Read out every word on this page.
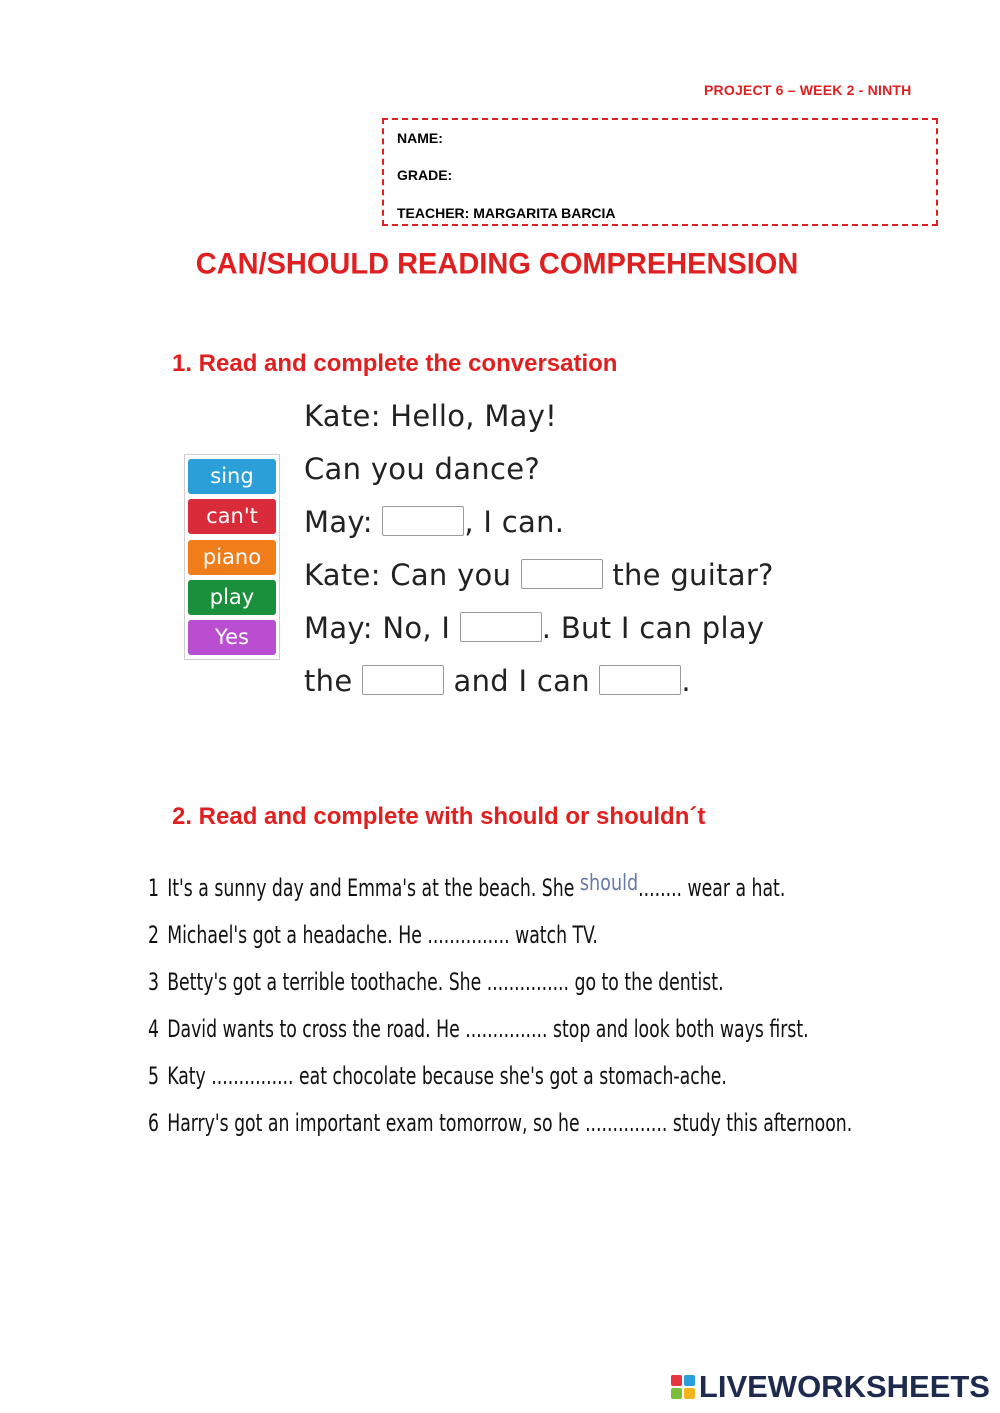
PROJECT 6 – WEEK 2 - NINTH
NAME:
GRADE:
TEACHER: MARGARITA BARCIA
CAN/SHOULD READING COMPREHENSION
1. Read and complete the conversation
sing
can't
piano
play
Yes
Kate: Hello, May!
Can you dance?
May:	, I can.
Kate: Can you	the guitar?
May: No, I	. But I can play
the	and I can	.
2. Read and complete with should or shouldn´t
1 It's a sunny day and Emma's at the beach. She should........ wear a hat.
2 Michael's got a headache. He ............... watch TV.
3 Betty's got a terrible toothache. She ............... go to the dentist.
4 David wants to cross the road. He ............... stop and look both ways first.
5 Katy ............... eat chocolate because she's got a stomach-ache.
6 Harry's got an important exam tomorrow, so he ............... study this afternoon.
LIVEWORKSHEETS
